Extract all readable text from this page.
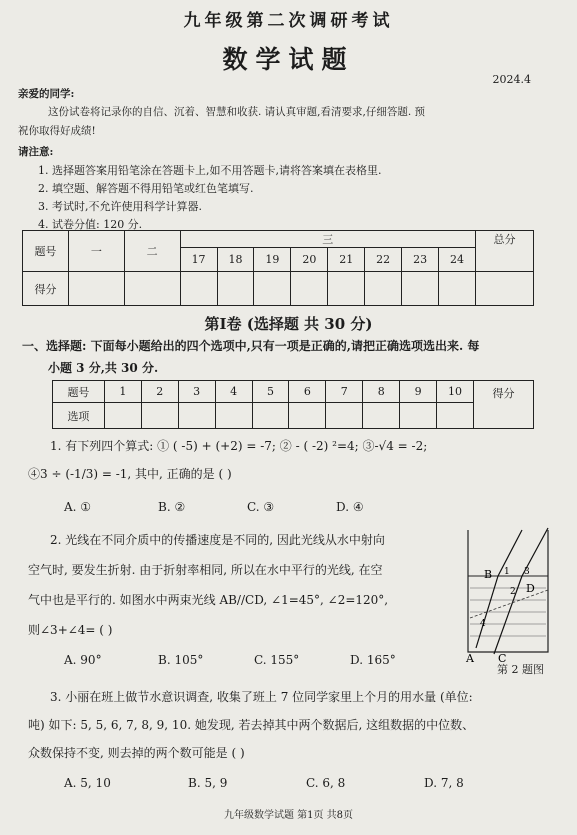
九年级第二次调研考试
数学试题
2024.4
亲爱的同学:
这份试卷将记录你的自信、沉着、智慧和收获. 请认真审题,看清要求,仔细答题. 预
祝你取得好成绩!
请注意:
1. 选择题答案用铅笔涂在答题卡上,如不用答题卡,请将答案填在表格里.
2. 填空题、解答题不得用铅笔或红色笔填写.
3. 考试时,不允许使用科学计算器.
4. 试卷分值: 120 分.
题号	一	二	三								总分
			17	18	19	20	21	22	23	24	
得分											
第Ⅰ卷 (选择题 共 30 分)
一、选择题: 下面每小题给出的四个选项中,只有一项是正确的,请把正确选项选出来. 每
小题 3 分,共 30 分.
题号	1	2	3	4	5	6	7	8	9	10	得分
选项											
1. 有下列四个算式: ① ( -5) + (+2) = -7; ② - ( -2) ²=4; ③-√4 = -2;
④3 ÷ (-1/3) = -1, 其中, 正确的是 ( )
A. ①	B. ②	C. ③	D. ④
2. 光线在不同介质中的传播速度是不同的, 因此光线从水中射向
空气时, 要发生折射. 由于折射率相同, 所以在水中平行的光线, 在空
气中也是平行的. 如图水中两束光线 AB//CD, ∠1=45°, ∠2=120°,
则∠3+∠4= ( )
A. 90°	B. 105°	C. 155°	D. 165°
B 1 3
D
2
4
A C
第 2 题图
3. 小丽在班上做节水意识调查, 收集了班上 7 位同学家里上个月的用水量 (单位:
吨) 如下: 5, 5, 6, 7, 8, 9, 10. 她发现, 若去掉其中两个数据后, 这组数据的中位数、
众数保持不变, 则去掉的两个数可能是 ( )
A. 5, 10	B. 5, 9	C. 6, 8	D. 7, 8
九年级数学试题 第1页 共8页
